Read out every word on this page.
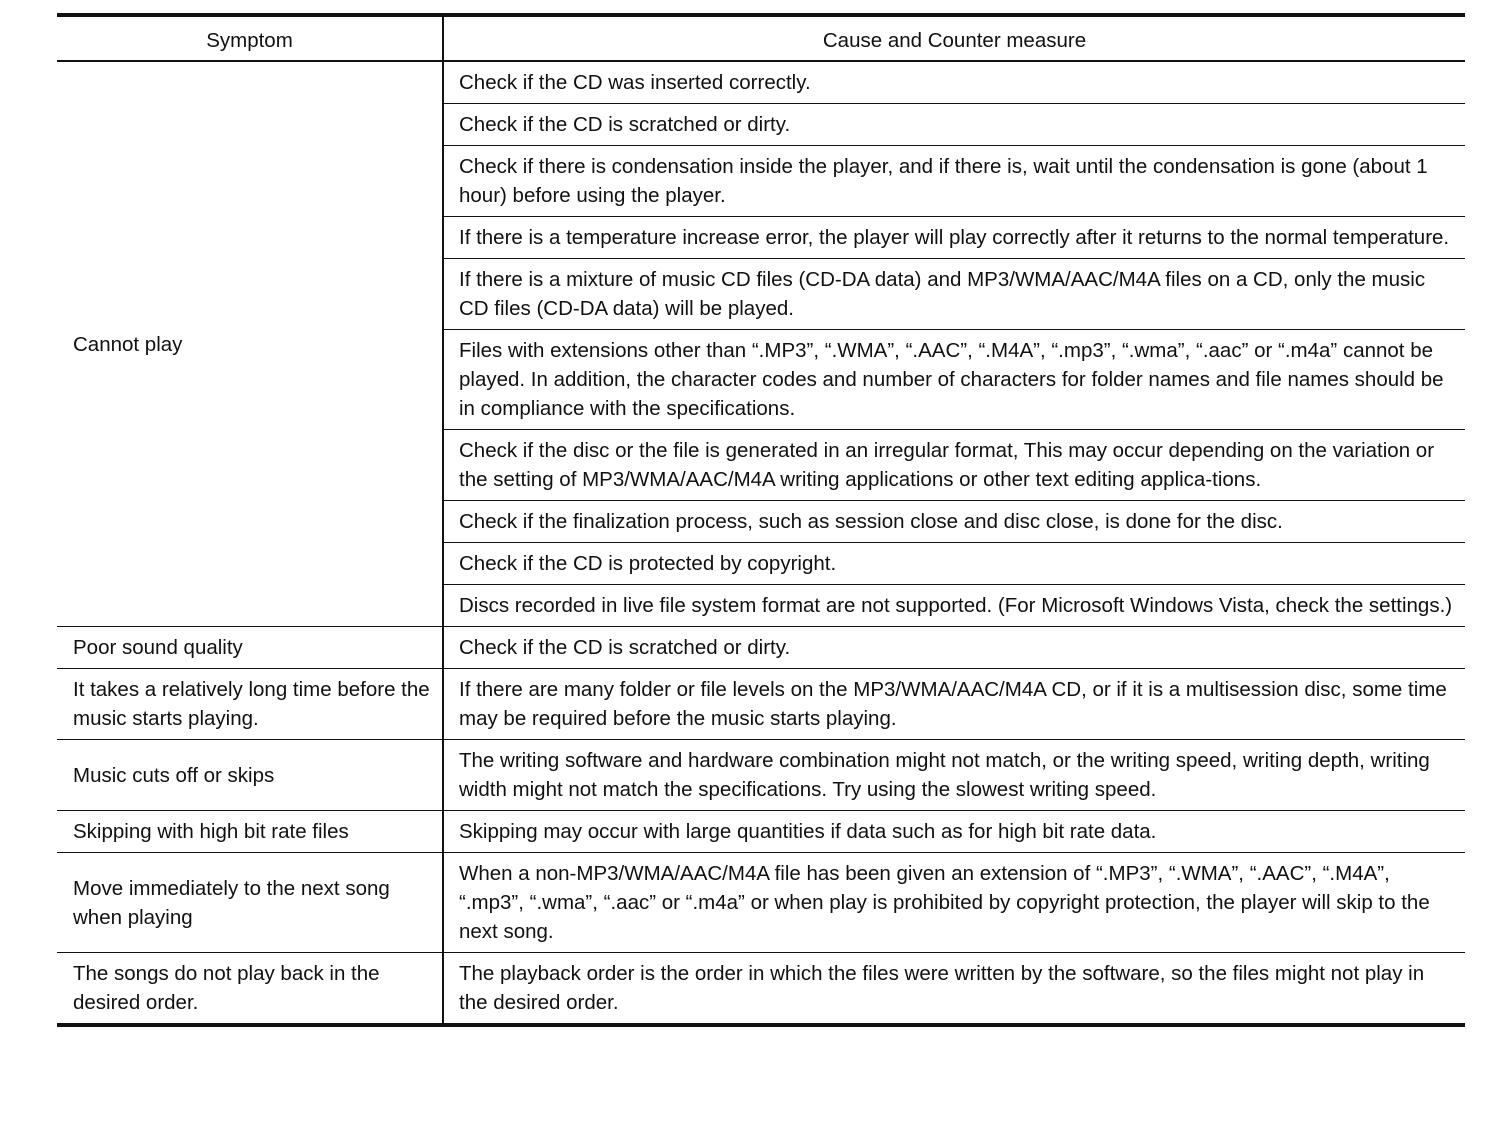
Symptom	Cause and Counter measure
Cannot play	Check if the CD was inserted correctly.
	Check if the CD is scratched or dirty.
	Check if there is condensation inside the player, and if there is, wait until the condensation is gone (about 1 hour) before using the player.
	If there is a temperature increase error, the player will play correctly after it returns to the normal temperature.
	If there is a mixture of music CD files (CD-DA data) and MP3/WMA/AAC/M4A files on a CD, only the music CD files (CD-DA data) will be played.
	Files with extensions other than “.MP3”, “.WMA”, “.AAC”, “.M4A”, “.mp3”, “.wma”, “.aac” or “.m4a” cannot be played. In addition, the character codes and number of characters for folder names and file names should be in compliance with the specifications.
	Check if the disc or the file is generated in an irregular format, This may occur depending on the variation or the setting of MP3/WMA/AAC/M4A writing applications or other text editing applica-tions.
	Check if the finalization process, such as session close and disc close, is done for the disc.
	Check if the CD is protected by copyright.
	Discs recorded in live file system format are not supported. (For Microsoft Windows Vista, check the settings.)
Poor sound quality	Check if the CD is scratched or dirty.
It takes a relatively long time before the music starts playing.	If there are many folder or file levels on the MP3/WMA/AAC/M4A CD, or if it is a multisession disc, some time may be required before the music starts playing.
Music cuts off or skips	The writing software and hardware combination might not match, or the writing speed, writing depth, writing width might not match the specifications. Try using the slowest writing speed.
Skipping with high bit rate files	Skipping may occur with large quantities if data such as for high bit rate data.
Move immediately to the next song when playing	When a non-MP3/WMA/AAC/M4A file has been given an extension of “.MP3”, “.WMA”, “.AAC”, “.M4A”, “.mp3”, “.wma”, “.aac” or “.m4a” or when play is prohibited by copyright protection, the player will skip to the next song.
The songs do not play back in the desired order.	The playback order is the order in which the files were written by the software, so the files might not play in the desired order.
